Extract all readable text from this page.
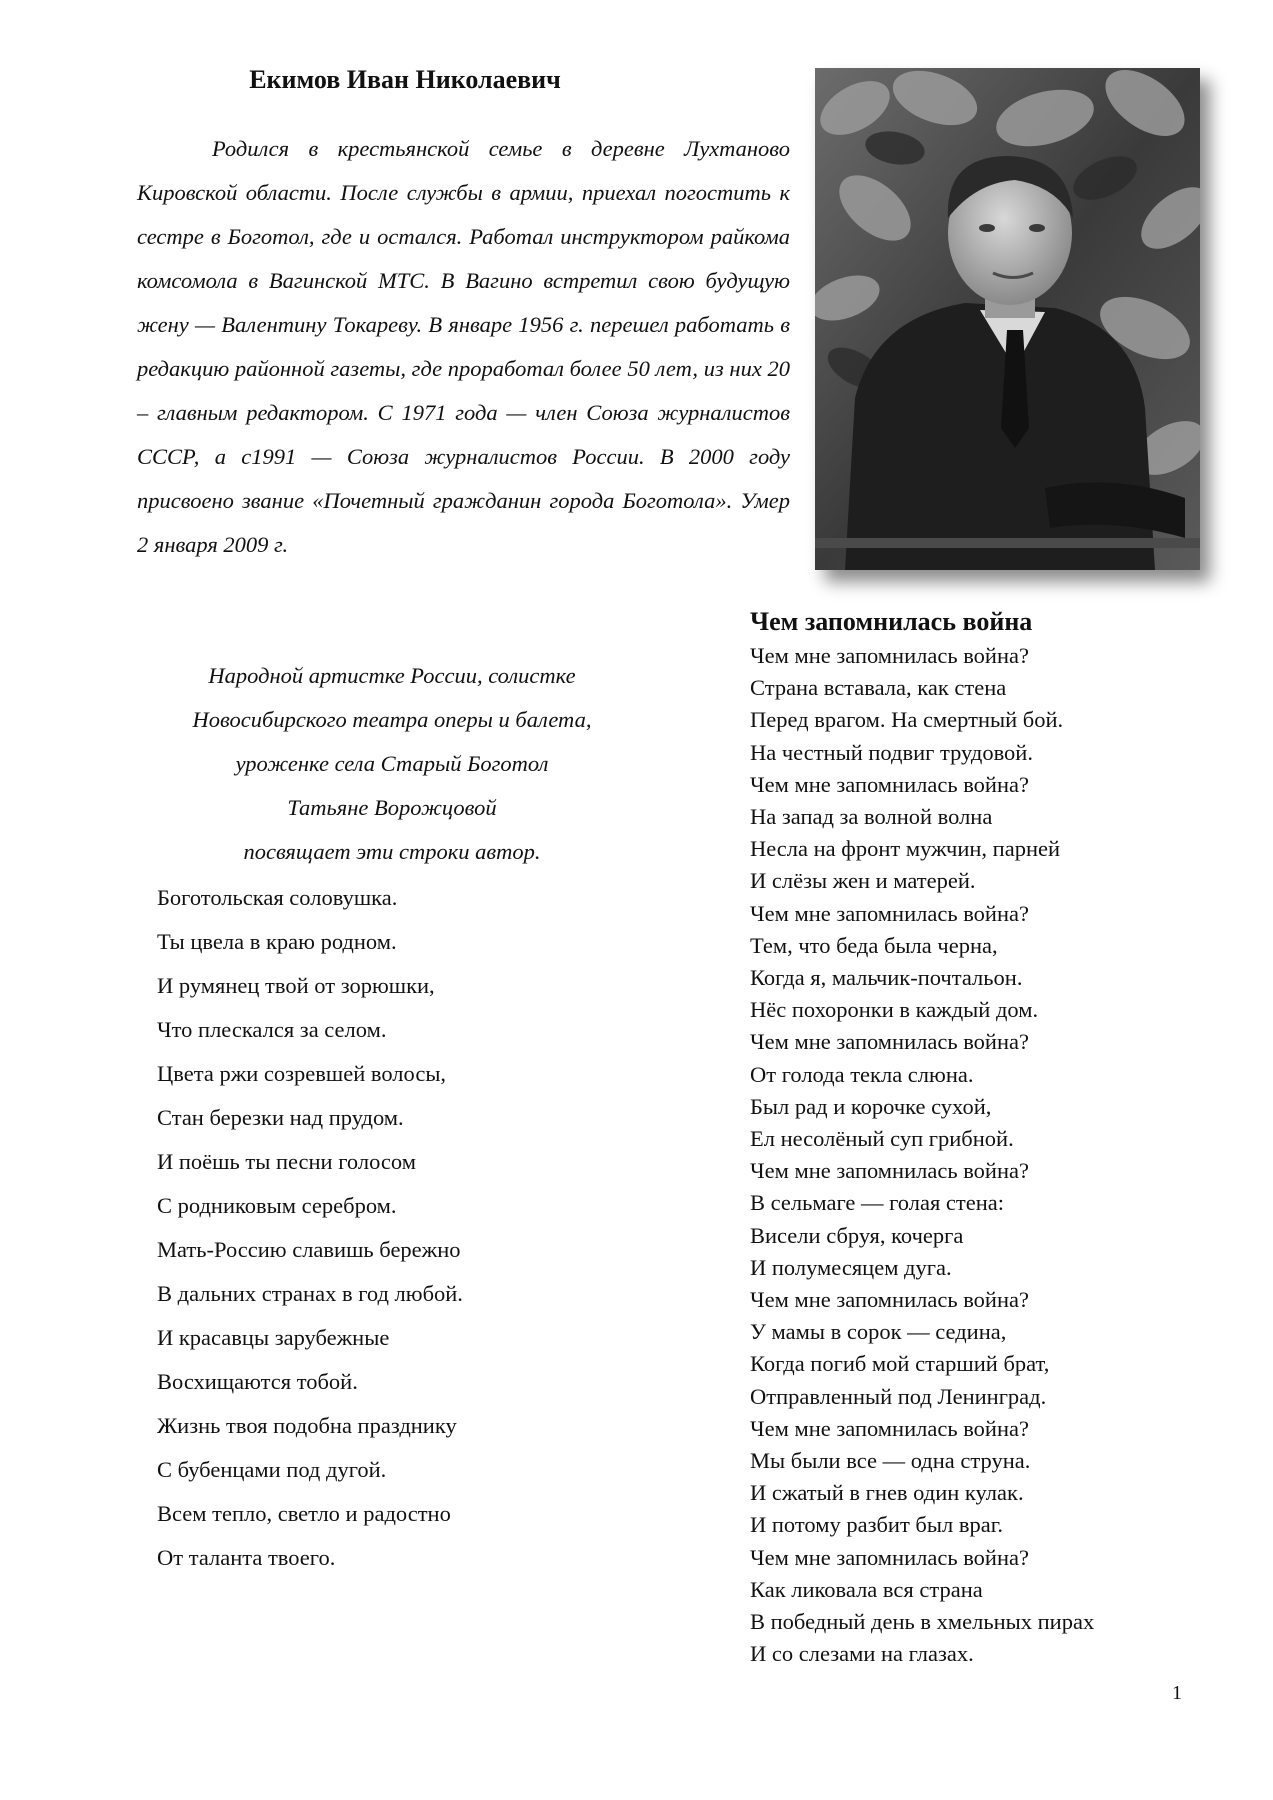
Екимов Иван Николаевич

Родился в крестьянской семье в деревне Лухтаново Кировской области. После службы в армии, приехал погостить к сестре в Боготол, где и остался. Работал инструктором райкома комсомола в Вагинской МТС. В Вагино встретил свою будущую жену — Валентину Токареву. В январе 1956 г. перешел работать в редакцию районной газеты, где проработал более 50 лет, из них 20 – главным редактором. С 1971 года — член Союза журналистов СССР, а с1991 — Союза журналистов России. В 2000 году присвоено звание «Почетный гражданин города Боготола». Умер 2 января 2009 г.

Народной артистке России, солистке

Новосибирского театра оперы и балета,

уроженке села Старый Боготол

Татьяне Ворожцовой

посвящает эти строки автор.

Боготольская соловушка.

Ты цвела в краю родном.

И румянец твой от зорюшки,

Что плескался за селом.

Цвета ржи созревшей волосы,

Стан березки над прудом.

И поёшь ты песни голосом

С родниковым серебром.

Мать-Россию славишь бережно

В дальних странах в год любой.

И красавцы зарубежные

Восхищаются тобой.

Жизнь твоя подобна празднику

С бубенцами под дугой.

Всем тепло, светло и радостно

От таланта твоего.

Чем запомнилась война

Чем мне запомнилась война?

Страна вставала, как стена

Перед врагом. На смертный бой.

На честный подвиг трудовой.

Чем мне запомнилась война?

На запад за волной волна

Несла на фронт мужчин, парней

И слёзы жен и матерей.

Чем мне запомнилась война?

Тем, что беда была черна,

Когда я, мальчик-почтальон.

Нёс похоронки в каждый дом.

Чем мне запомнилась война?

От голода текла слюна.

Был рад и корочке сухой,

Ел несолёный суп грибной.

Чем мне запомнилась война?

В сельмаге — голая стена:

Висели сбруя, кочерга

И полумесяцем дуга.

Чем мне запомнилась война?

У мамы в сорок — седина,

Когда погиб мой старший брат,

Отправленный под Ленинград.

Чем мне запомнилась война?

Мы были все — одна струна.

И сжатый в гнев один кулак.

И потому разбит был враг.

Чем мне запомнилась война?

Как ликовала вся страна

В победный день в хмельных пирах

И со слезами на глазах.

1
